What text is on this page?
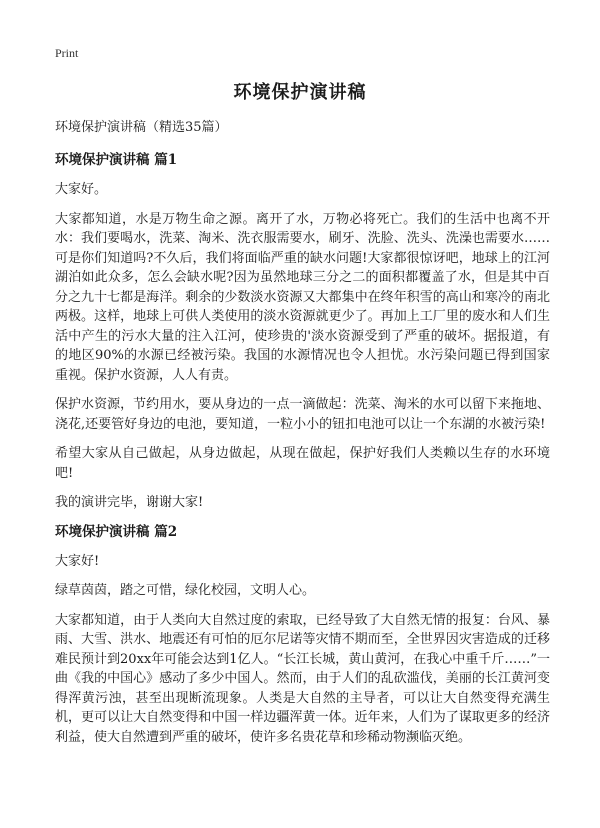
Print
环境保护演讲稿
环境保护演讲稿（精选35篇）
环境保护演讲稿 篇1

大家好。

大家都知道，水是万物生命之源。离开了水，万物必将死亡。我们的生活中也离不开水：我们要喝水，洗菜、淘米、洗衣服需要水，刷牙、洗脸、洗头、洗澡也需要水……可是你们知道吗?不久后，我们将面临严重的缺水问题!大家都很惊讶吧，地球上的江河湖泊如此众多，怎么会缺水呢?因为虽然地球三分之二的面积都覆盖了水，但是其中百分之九十七都是海洋。剩余的少数淡水资源又大都集中在终年积雪的高山和寒冷的南北两极。这样，地球上可供人类使用的淡水资源就更少了。再加上工厂里的废水和人们生活中产生的污水大量的注入江河，使珍贵的'淡水资源受到了严重的破坏。据报道，有的地区90%的水源已经被污染。我国的水源情况也令人担忧。水污染问题已得到国家重视。保护水资源，人人有责。

保护水资源，节约用水，要从身边的一点一滴做起：洗菜、淘米的水可以留下来拖地、浇花,还要管好身边的电池，要知道，一粒小小的钮扣电池可以让一个东湖的水被污染!

希望大家从自己做起，从身边做起，从现在做起，保护好我们人类赖以生存的水环境吧!

我的演讲完毕，谢谢大家!

环境保护演讲稿 篇2

大家好!

绿草茵茵，踏之可惜，绿化校园，文明人心。

大家都知道，由于人类向大自然过度的索取，已经导致了大自然无情的报复：台风、暴雨、大雪、洪水、地震还有可怕的厄尔尼诺等灾情不期而至，全世界因灾害造成的迁移难民预计到20xx年可能会达到1亿人。“长江长城，黄山黄河，在我心中重千斤……”一曲《我的中国心》感动了多少中国人。然而，由于人们的乱砍滥伐，美丽的长江黄河变得浑黄污浊，甚至出现断流现象。人类是大自然的主导者，可以让大自然变得充满生机，更可以让大自然变得和中国一样边疆浑黄一体。近年来，人们为了谋取更多的经济利益，使大自然遭到严重的破坏，使许多名贵花草和珍稀动物濒临灭绝。
